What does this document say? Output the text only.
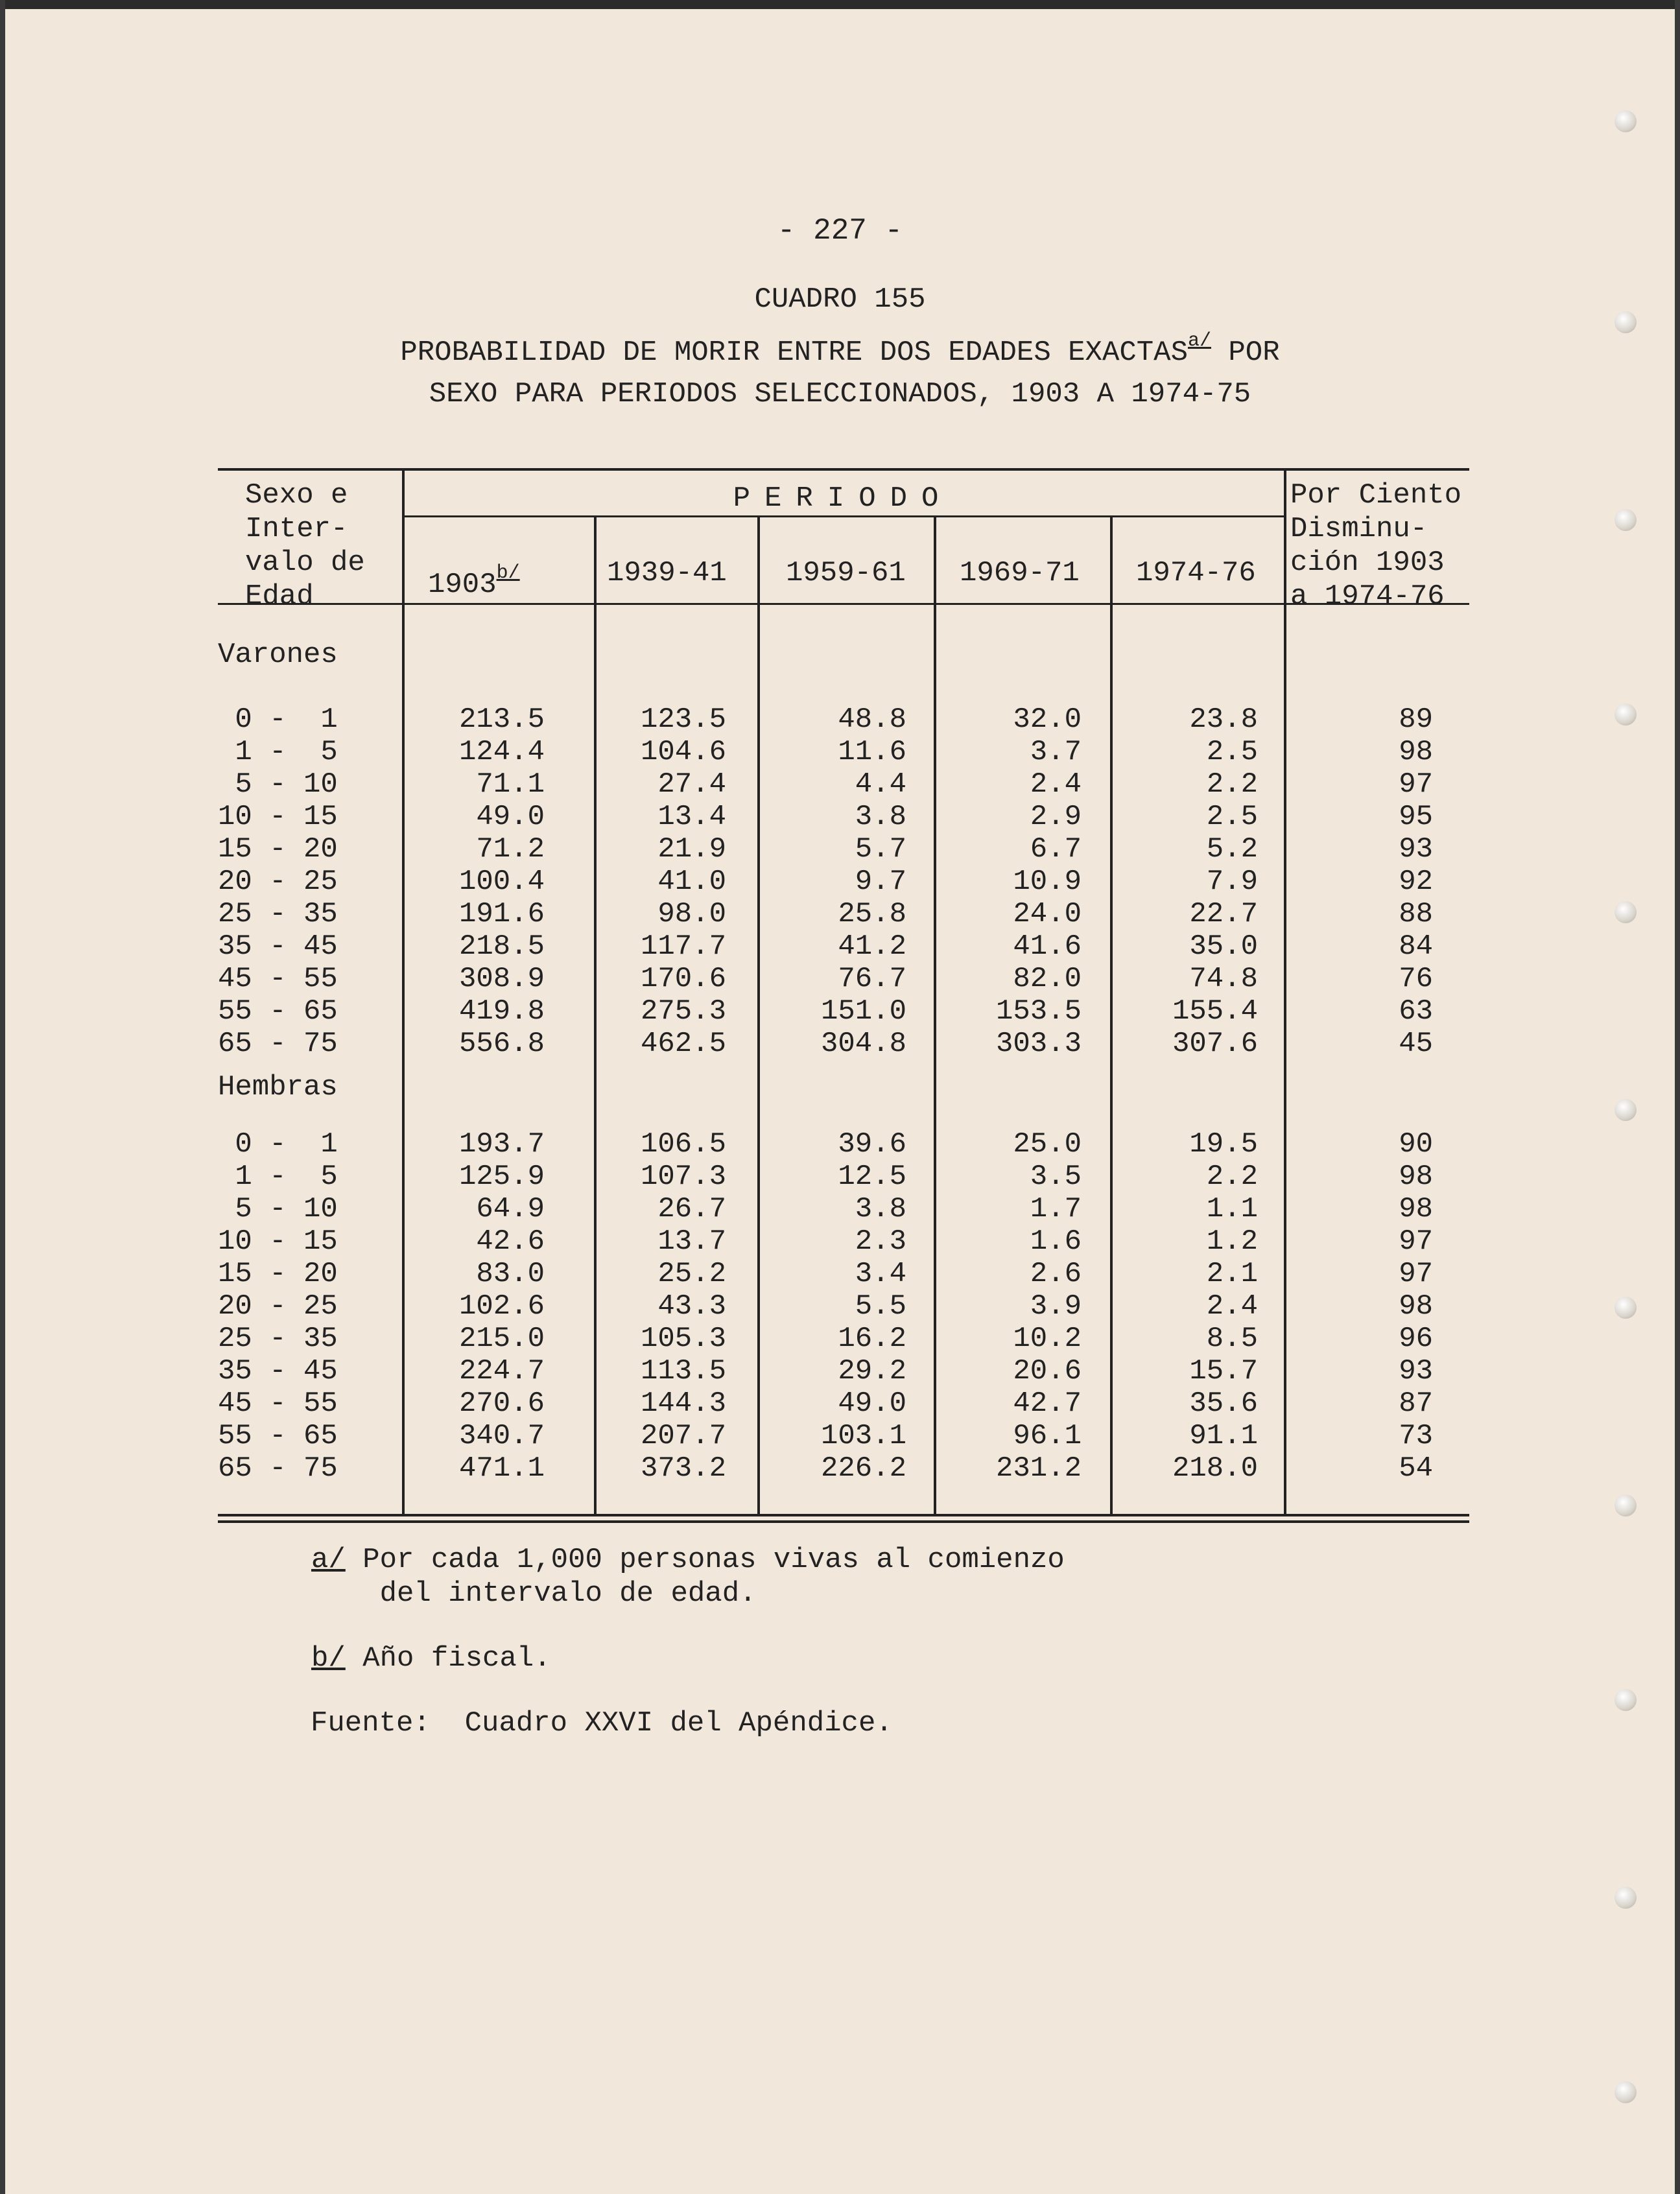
- 227 -
CUADRO 155
PROBABILIDAD DE MORIR ENTRE DOS EDADES $EXACTAS^{a/}$ POR
SEXO PARA PERIODOS SELECCIONADOS, 1903 A 1974-75
Sexo e
Inter-
valo de
Edad
PERIODO
$1903^{b/}$	1939-41 1959-61 1969-71 1974-76
Por Ciento
Disminu-
ción 1903
a 1974-76
Varones
Hembras
0 -  1	213.5	123.5	48.8	32.0	23.8	89
1 -  5	124.4	104.6	11.6	3.7	2.5	98
5 - 10	71.1	27.4	4.4	2.4	2.2	97
10 - 15	49.0	13.4	3.8	2.9	2.5	95
15 - 20	71.2	21.9	5.7	6.7	5.2	93
20 - 25	100.4	41.0	9.7	10.9	7.9	92
25 - 35	191.6	98.0	25.8	24.0	22.7	88
35 - 45	218.5	117.7	41.2	41.6	35.0	84
45 - 55	308.9	170.6	76.7	82.0	74.8	76
55 - 65	419.8	275.3	151.0	153.5	155.4	63
65 - 75	556.8	462.5	304.8	303.3	307.6	45
0 -  1	193.7	106.5	39.6	25.0	19.5	90
1 -  5	125.9	107.3	12.5	3.5	2.2	98
5 - 10	64.9	26.7	3.8	1.7	1.1	98
10 - 15	42.6	13.7	2.3	1.6	1.2	97
15 - 20	83.0	25.2	3.4	2.6	2.1	97
20 - 25	102.6	43.3	5.5	3.9	2.4	98
25 - 35	215.0	105.3	16.2	10.2	8.5	96
35 - 45	224.7	113.5	29.2	20.6	15.7	93
45 - 55	270.6	144.3	49.0	42.7	35.6	87
55 - 65	340.7	207.7	103.1	96.1	91.1	73
65 - 75	471.1	373.2	226.2	231.2	218.0	54
a/ Por cada 1,000 personas vivas al comienzo
del intervalo de edad.
b/ Año fiscal.
Fuente:  Cuadro XXVI del Apéndice.
